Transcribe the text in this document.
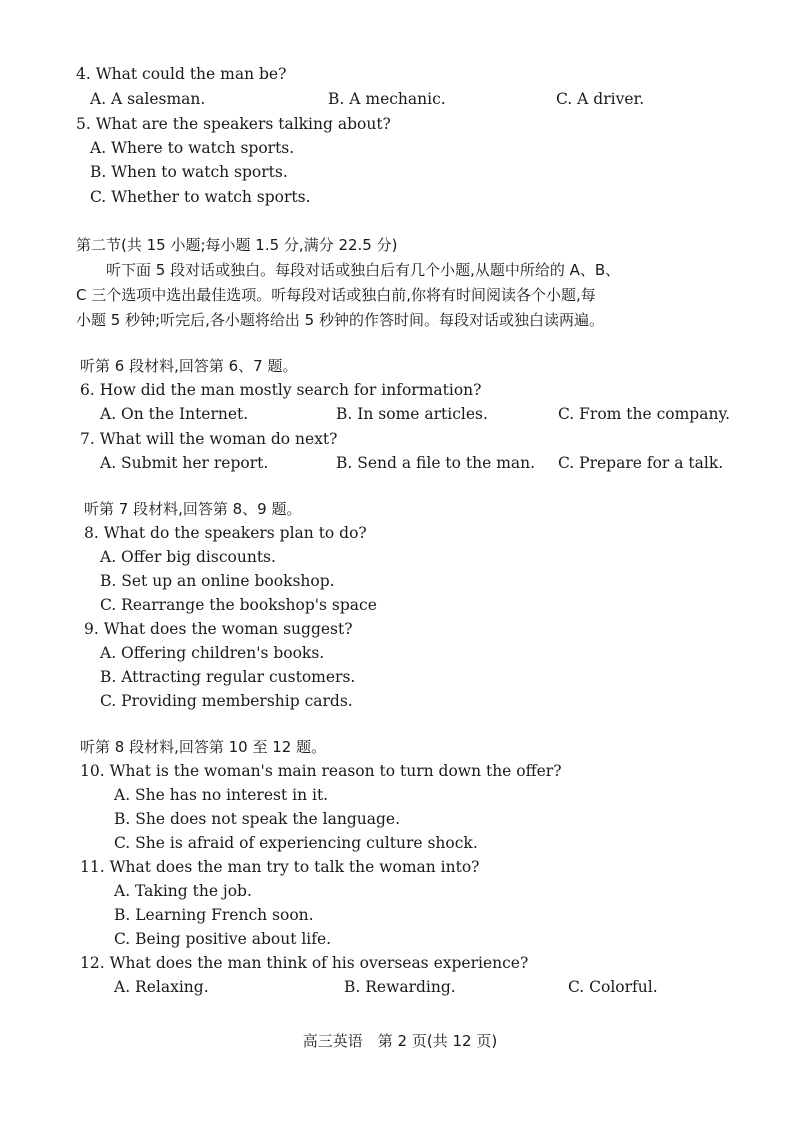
4. What could the man be?
A. A salesman.	B. A mechanic.	C. A driver.
5. What are the speakers talking about?
A. Where to watch sports.
B. When to watch sports.
C. Whether to watch sports.
第二节(共 15 小题;每小题 1.5 分,满分 22.5 分)
听下面 5 段对话或独白。每段对话或独白后有几个小题,从题中所给的 A、B、
C 三个选项中选出最佳选项。听每段对话或独白前,你将有时间阅读各个小题,每
小题 5 秒钟;听完后,各小题将给出 5 秒钟的作答时间。每段对话或独白读两遍。
听第 6 段材料,回答第 6、7 题。
6. How did the man mostly search for information?
A. On the Internet.	B. In some articles.	C. From the company.
7. What will the woman do next?
A. Submit her report.	B. Send a file to the man. C. Prepare for a talk.
听第 7 段材料,回答第 8、9 题。
8. What do the speakers plan to do?
A. Offer big discounts.
B. Set up an online bookshop.
C. Rearrange the bookshop's space
9. What does the woman suggest?
A. Offering children's books.
B. Attracting regular customers.
C. Providing membership cards.
听第 8 段材料,回答第 10 至 12 题。
10. What is the woman's main reason to turn down the offer?
A. She has no interest in it.
B. She does not speak the language.
C. She is afraid of experiencing culture shock.
11. What does the man try to talk the woman into?
A. Taking the job.
B. Learning French soon.
C. Being positive about life.
12. What does the man think of his overseas experience?
A. Relaxing.	B. Rewarding.	C. Colorful.
高三英语　第 2 页(共 12 页)
